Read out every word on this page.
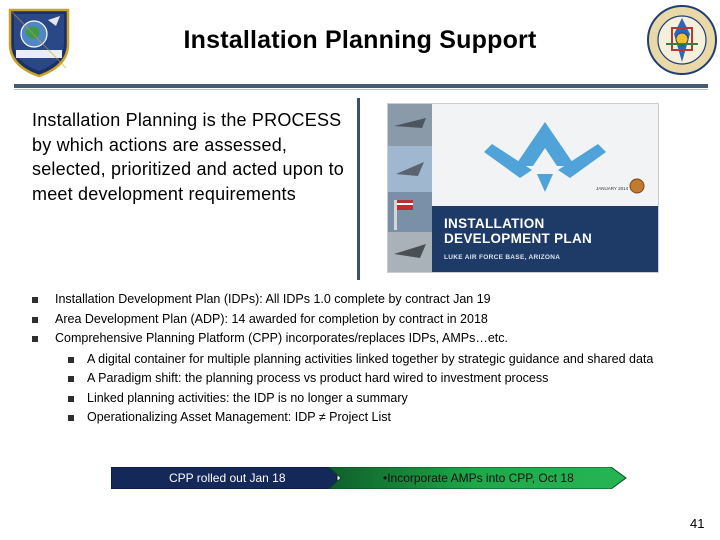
Installation Planning Support
Installation Planning is the PROCESS by which actions are assessed, selected, prioritized and acted upon to meet development requirements	JANUARY 2014
INSTALLATION
DEVELOPMENT PLAN
LUKE AIR FORCE BASE, ARIZONA
Installation Development Plan (IDPs): All IDPs 1.0 complete by contract Jan 19
Area Development Plan (ADP): 14 awarded for completion by contract in 2018
Comprehensive Planning Platform (CPP) incorporates/replaces IDPs, AMPs…etc.
A digital container for multiple planning activities linked together by strategic guidance and shared data
A Paradigm shift: the planning process vs product hard wired to investment process
Linked planning activities: the IDP is no longer a summary
Operationalizing Asset Management: IDP ≠ Project List
CPP rolled out Jan 18	•Incorporate AMPs into CPP, Oct 18
41
